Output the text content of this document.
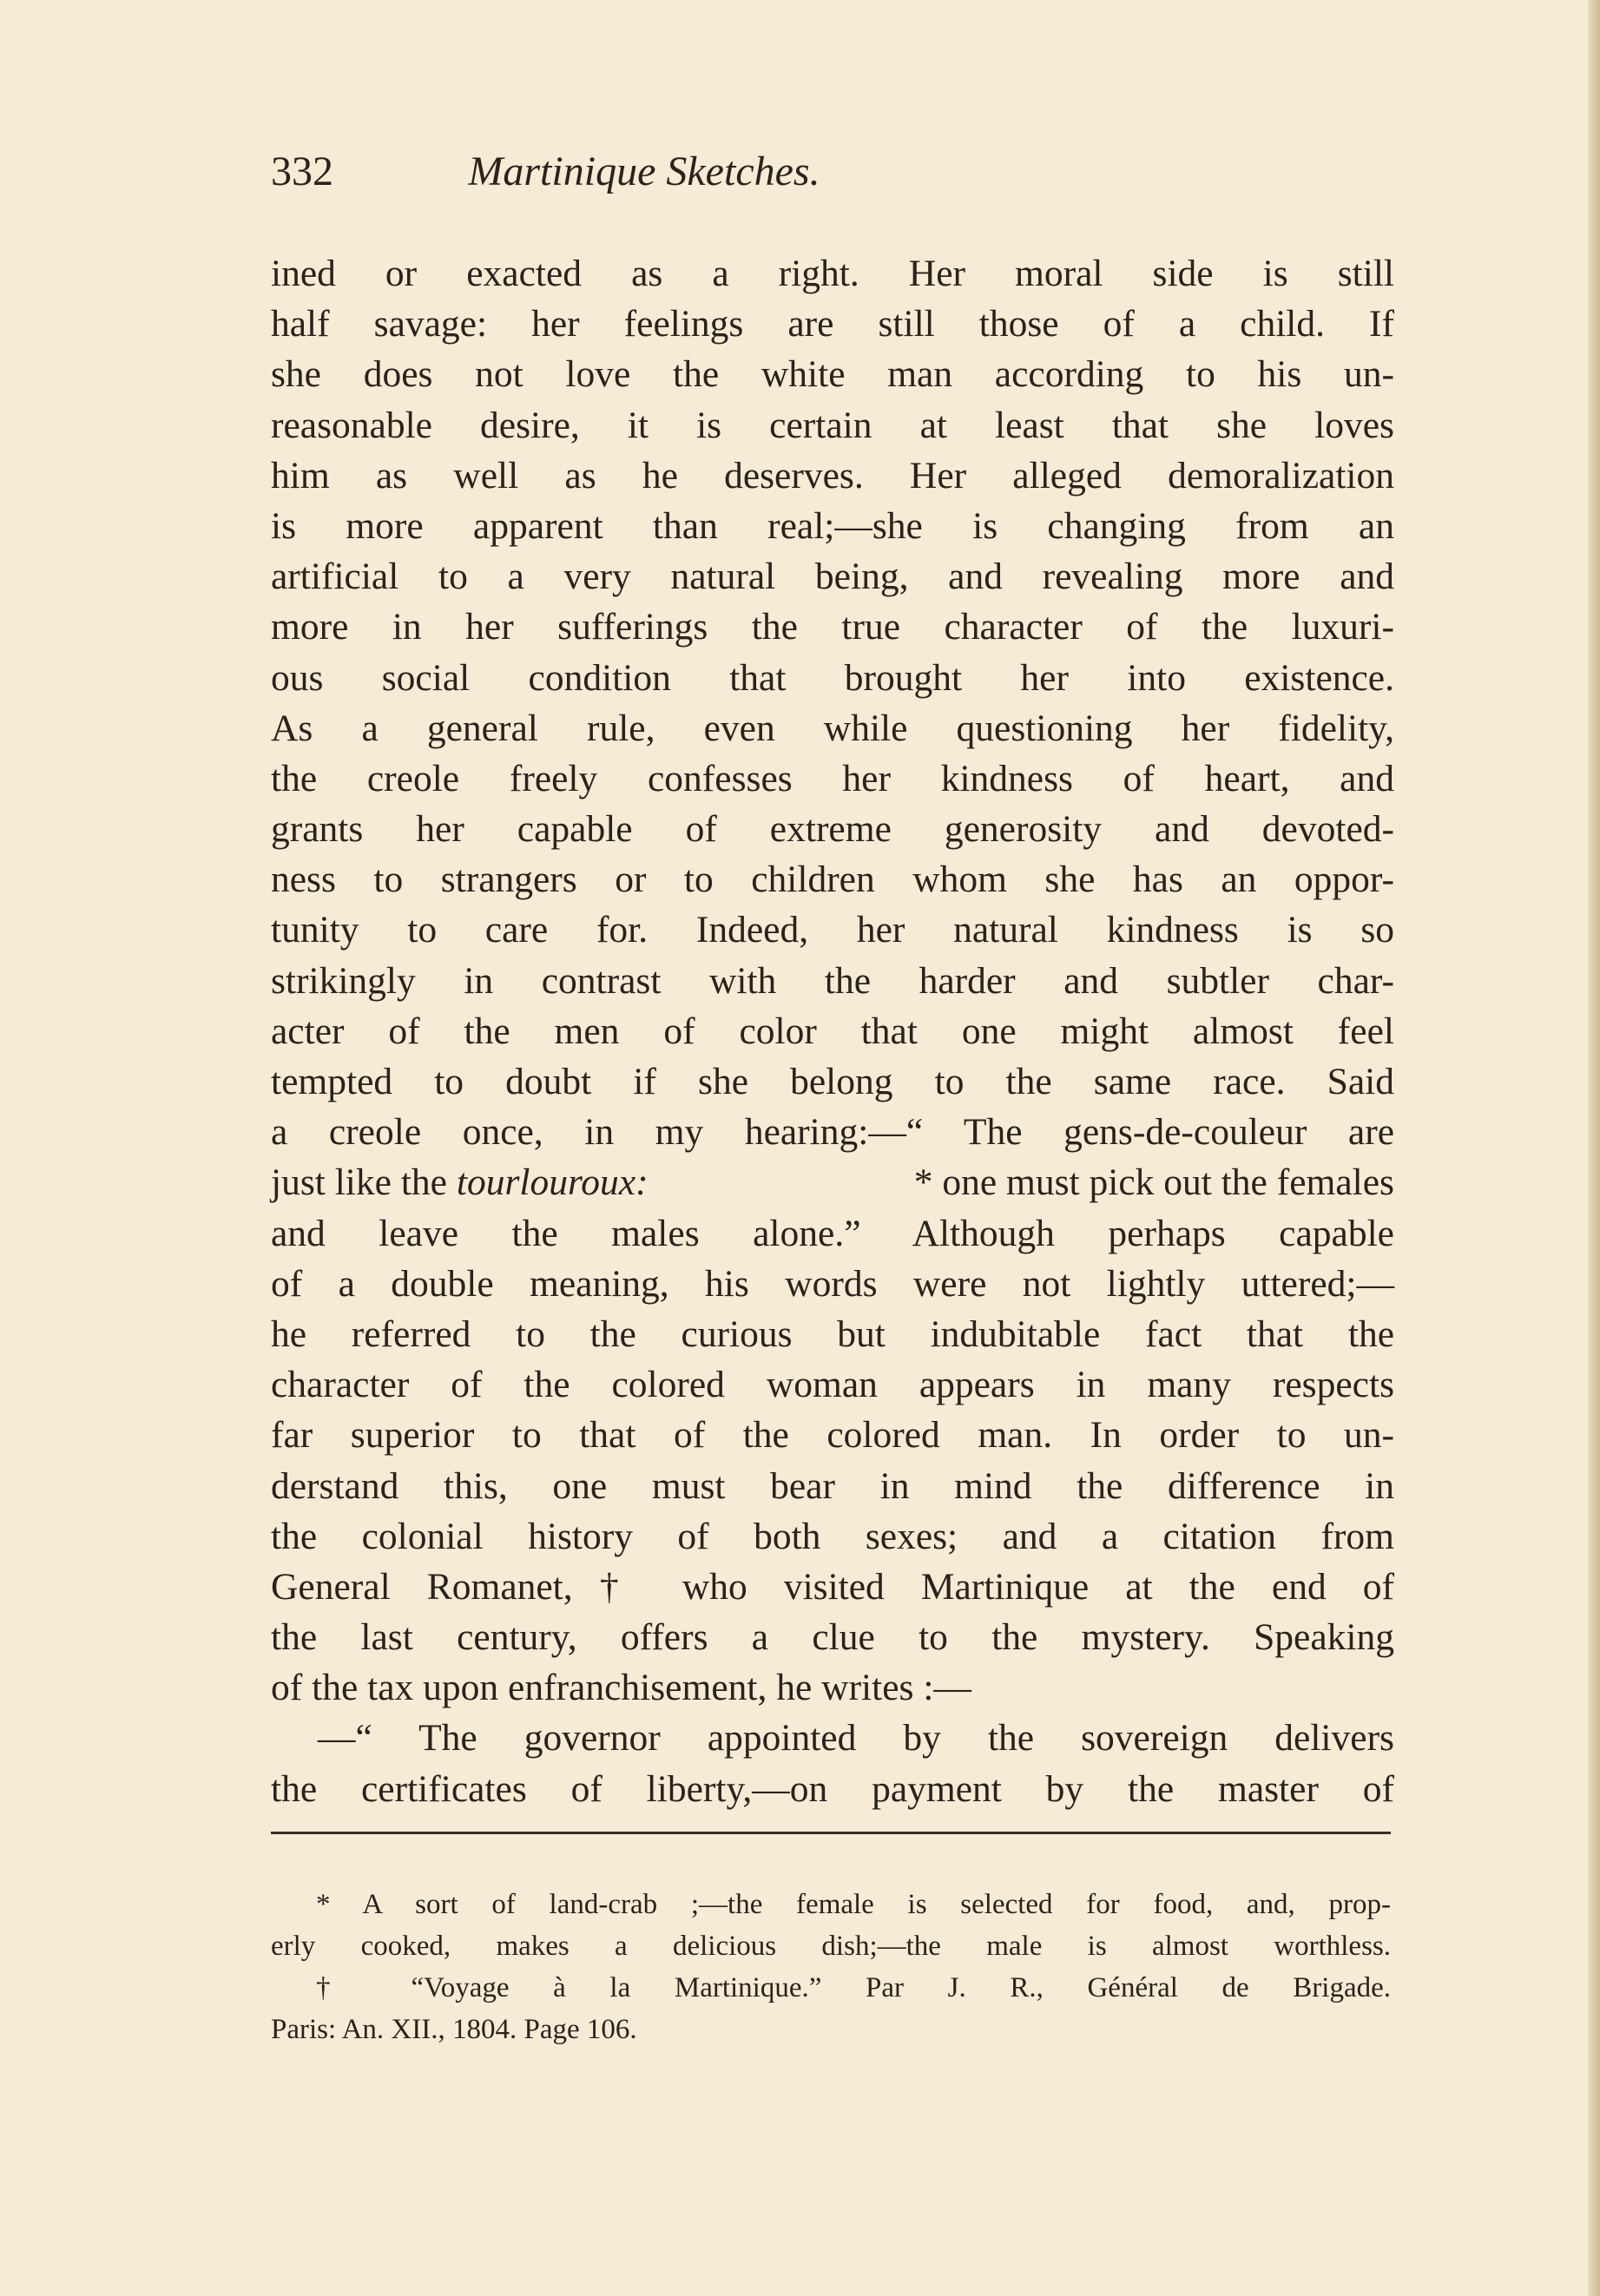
332	Martinique Sketches.
ined or exacted as a right. Her moral side is still
half savage: her feelings are still those of a child. If
she does not love the white man according to his un-
reasonable desire, it is certain at least that she loves
him as well as he deserves. Her alleged demoralization
is more apparent than real;—she is changing from an
artificial to a very natural being, and revealing more and
more in her sufferings the true character of the luxuri-
ous social condition that brought her into existence.
As a general rule, even while questioning her fidelity,
the creole freely confesses her kindness of heart, and
grants her capable of extreme generosity and devoted-
ness to strangers or to children whom she has an oppor-
tunity to care for. Indeed, her natural kindness is so
strikingly in contrast with the harder and subtler char-
acter of the men of color that one might almost feel
tempted to doubt if she belong to the same race. Said
a creole once, in my hearing:—“ The gens-de-couleur are
just like the tourlouroux:	* one must pick out the females
and leave the males alone.” Although perhaps capable
of a double meaning, his words were not lightly uttered;—
he referred to the curious but indubitable fact that the
character of the colored woman appears in many respects
far superior to that of the colored man. In order to un-
derstand this, one must bear in mind the difference in
the colonial history of both sexes; and a citation from
General Romanet,† who visited Martinique at the end of
the last century, offers a clue to the mystery. Speaking
of the tax upon enfranchisement, he writes :—
—“ The governor appointed by the sovereign delivers
the certificates of liberty,—on payment by the master of
* A sort of land-crab ;—the female is selected for food, and, prop-
erly cooked, makes a delicious dish;—the male is almost worthless.
† “Voyage à la Martinique.” Par J. R., Général de Brigade.
Paris: An. XII., 1804. Page 106.
